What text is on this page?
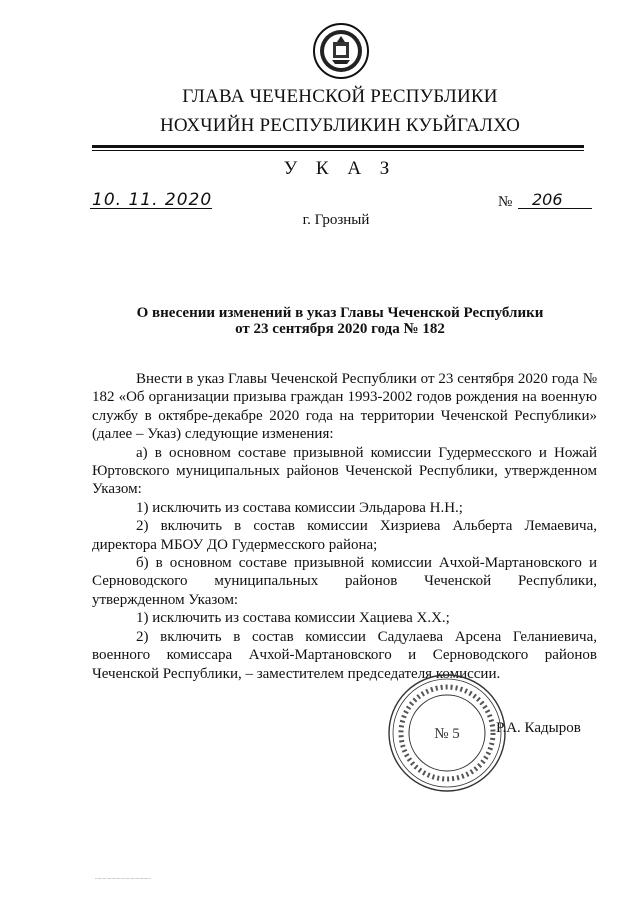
ГЛАВА ЧЕЧЕНСКОЙ РЕСПУБЛИКИ
НОХЧИЙН РЕСПУБЛИКИН КУЬЙГАЛХО
У К А З
10. 11. 2020	№ 206
г. Грозный
О внесении изменений в указ Главы Чеченской Республики
от 23 сентября 2020 года № 182

Внести в указ Главы Чеченской Республики от 23 сентября 2020 года № 182 «Об организации призыва граждан 1993-2002 годов рождения на военную службу в октябре-декабре 2020 года на территории Чеченской Республики» (далее – Указ) следующие изменения:

а) в основном составе призывной комиссии Гудермесского и Ножай Юртовского муниципальных районов Чеченской Республики, утвержденном Указом:

1) исключить из состава комиссии Эльдарова Н.Н.;

2) включить в состав комиссии Хизриева Альберта Лемаевича, директора МБОУ ДО Гудермесского района;

б) в основном составе призывной комиссии Ачхой-Мартановского и Серноводского муниципальных районов Чеченской Республики, утвержденном Указом:

1) исключить из состава комиссии Хациева Х.Х.;

2) включить в состав комиссии Садулаева Арсена Геланиевича, военного комиссара Ачхой-Мартановского и Серноводского районов Чеченской Республики, – заместителем председателя комиссии.

№ 5 Р.А. Кадыров
············································
